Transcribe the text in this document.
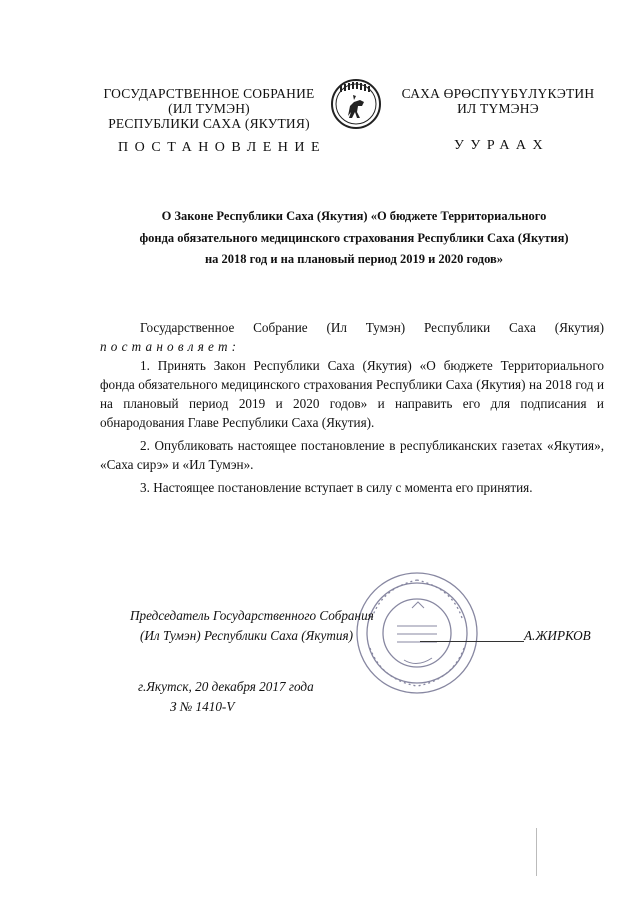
ГОСУДАРСТВЕННОЕ СОБРАНИЕ
(ИЛ ТУМЭН)
РЕСПУБЛИКИ САХА (ЯКУТИЯ)
САХА ӨРӨСПҮҮБҮЛҮКЭТИН
ИЛ ТҮМЭНЭ
ПОСТАНОВЛЕНИЕ	УУРААХ
О Законе Республики Саха (Якутия) «О бюджете Территориального
фонда обязательного медицинского страхования Республики Саха (Якутия)
на 2018 год и на плановый период 2019 и 2020 годов»

Государственное Собрание (Ил Тумэн) Республики Саха (Якутия)

постановляет:

1. Принять Закон Республики Саха (Якутия) «О бюджете Территориального фонда обязательного медицинского страхования Республики Саха (Якутия) на 2018 год и на плановый период 2019 и 2020 годов» и направить его для подписания и обнародования Главе Республики Саха (Якутия).

2. Опубликовать настоящее постановление в республиканских газетах «Якутия», «Саха сирэ» и «Ил Тумэн».

3. Настоящее постановление вступает в силу с момента его принятия.

Председатель Государственного Собрания
(Ил Тумэн) Республики Саха (Якутия)	А.ЖИРКОВ
г.Якутск, 20 декабря 2017 года
З № 1410-V
